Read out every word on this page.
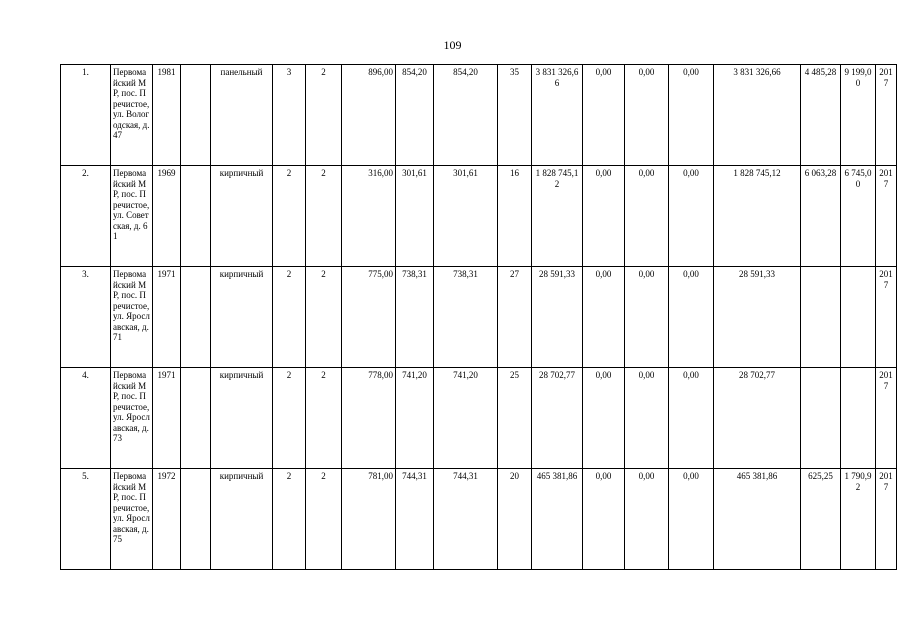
109
1.	Первомайский МР, пос. Пречистое, ул. Вологодская, д. 47	1981		панельный	3	2	896,00	854,20	854,20	35	3 831 326,66	0,00	0,00	0,00	3 831 326,66	4 485,28	9 199,00	2017
2.	Первомайский МР, пос. Пречистое, ул. Советская, д. 61	1969		кирпичный	2	2	316,00	301,61	301,61	16	1 828 745,12	0,00	0,00	0,00	1 828 745,12	6 063,28	6 745,00	2017
3.	Первомайский МР, пос. Пречистое, ул. Ярославская, д. 71	1971		кирпичный	2	2	775,00	738,31	738,31	27	28 591,33	0,00	0,00	0,00	28 591,33			2017
4.	Первомайский МР, пос. Пречистое, ул. Ярославская, д. 73	1971		кирпичный	2	2	778,00	741,20	741,20	25	28 702,77	0,00	0,00	0,00	28 702,77			2017
5.	Первомайский МР, пос. Пречистое, ул. Ярославская, д. 75	1972		кирпичный	2	2	781,00	744,31	744,31	20	465 381,86	0,00	0,00	0,00	465 381,86	625,25	1 790,92	2017
